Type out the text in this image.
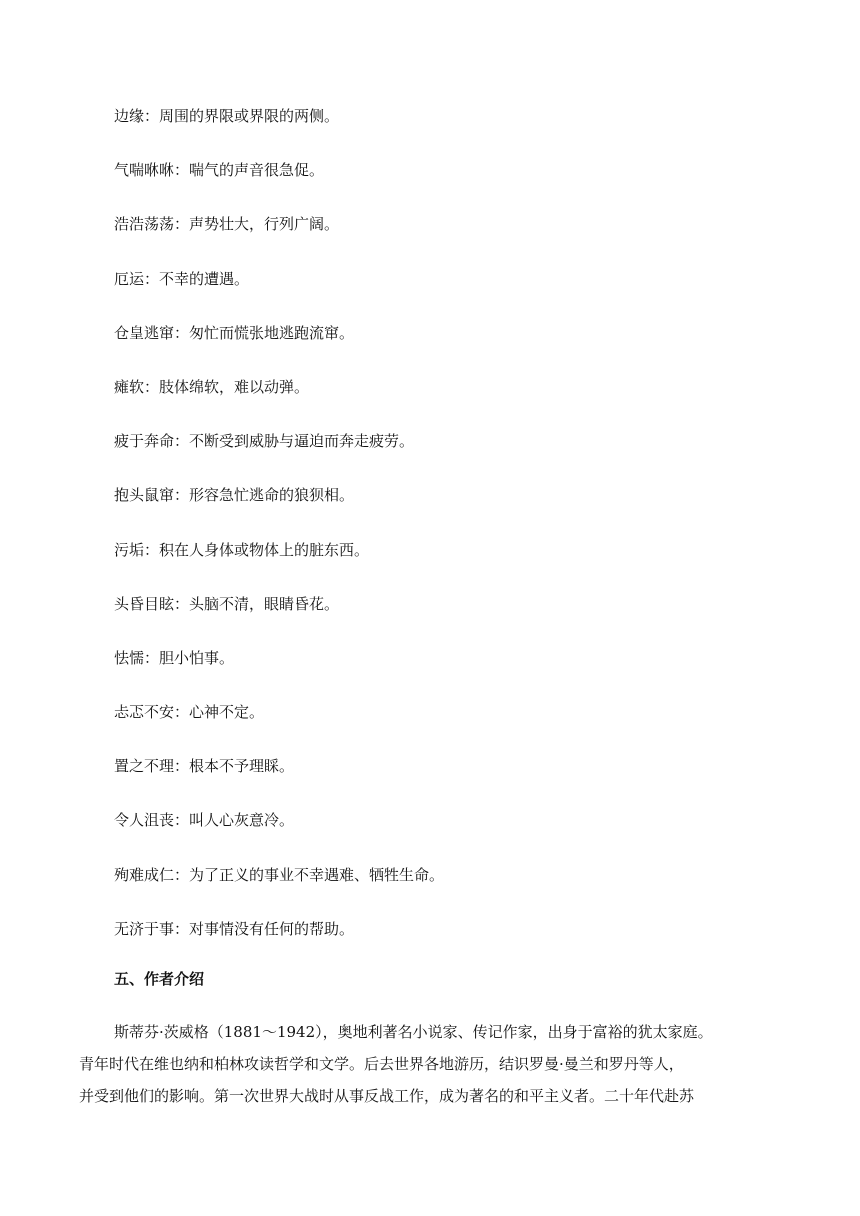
边缘：周围的界限或界限的两侧。
气喘咻咻：喘气的声音很急促。
浩浩荡荡：声势壮大，行列广阔。
厄运：不幸的遭遇。
仓皇逃窜：匆忙而慌张地逃跑流窜。
瘫软：肢体绵软，难以动弹。
疲于奔命：不断受到威胁与逼迫而奔走疲劳。
抱头鼠窜：形容急忙逃命的狼狈相。
污垢：积在人身体或物体上的脏东西。
头昏目眩：头脑不清，眼睛昏花。
怯懦：胆小怕事。
忐忑不安：心神不定。
置之不理：根本不予理睬。
令人沮丧：叫人心灰意冷。
殉难成仁：为了正义的事业不幸遇难、牺牲生命。
无济于事：对事情没有任何的帮助。
五、作者介绍
斯蒂芬·茨威格（1881～1942），奥地利著名小说家、传记作家，出身于富裕的犹太家庭。
青年时代在维也纳和柏林攻读哲学和文学。后去世界各地游历，结识罗曼·曼兰和罗丹等人，
并受到他们的影响。第一次世界大战时从事反战工作，成为著名的和平主义者。二十年代赴苏
